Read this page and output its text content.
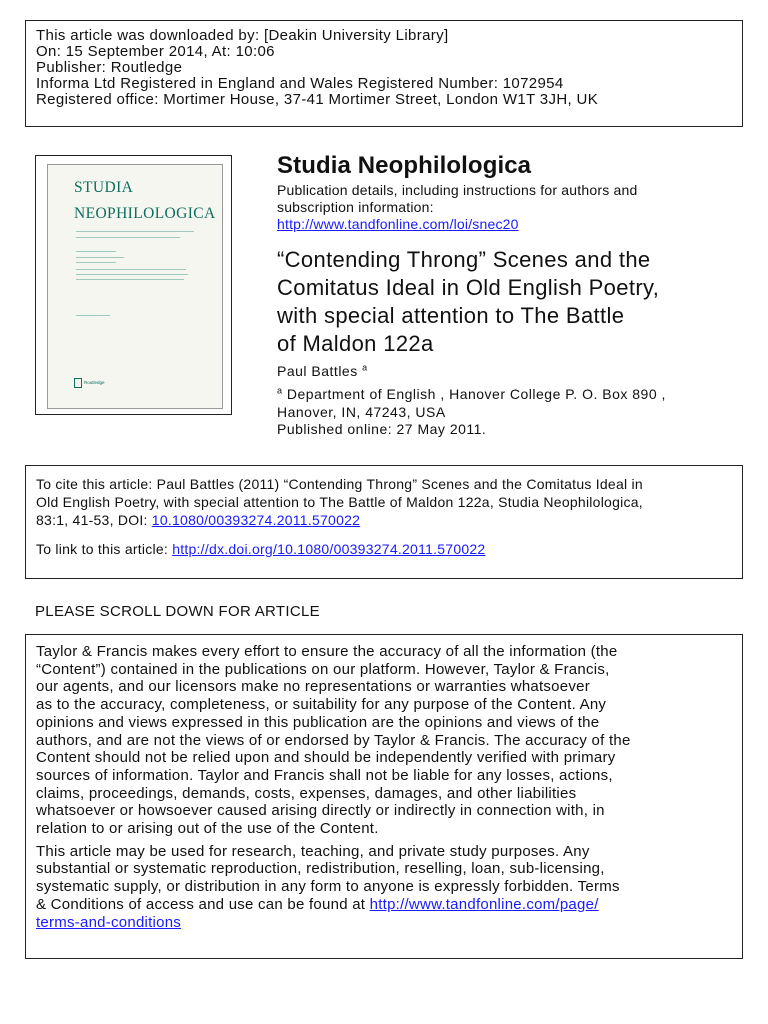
This article was downloaded by: [Deakin University Library]
On: 15 September 2014, At: 10:06
Publisher: Routledge
Informa Ltd Registered in England and Wales Registered Number: 1072954
Registered office: Mortimer House, 37-41 Mortimer Street, London W1T 3JH, UK
STUDIA
NEOPHILOLOGICA
Routledge
Studia Neophilologica
Publication details, including instructions for authors and
subscription information:
http://www.tandfonline.com/loi/snec20
“Contending Throng” Scenes and the
Comitatus Ideal in Old English Poetry,
with special attention to The Battle
of Maldon 122a
Paul Battles $^a$
$^a$ Department of English , Hanover College P. O. Box 890 ,
Hanover, IN, 47243, USA
Published online: 27 May 2011.
To cite this article: Paul Battles (2011) “Contending Throng” Scenes and the Comitatus Ideal in
Old English Poetry, with special attention to The Battle of Maldon 122a, Studia Neophilologica,
83:1, 41-53, DOI: 10.1080/00393274.2011.570022
To link to this article: http://dx.doi.org/10.1080/00393274.2011.570022
PLEASE SCROLL DOWN FOR ARTICLE
Taylor & Francis makes every effort to ensure the accuracy of all the information (the
“Content”) contained in the publications on our platform. However, Taylor & Francis,
our agents, and our licensors make no representations or warranties whatsoever
as to the accuracy, completeness, or suitability for any purpose of the Content. Any
opinions and views expressed in this publication are the opinions and views of the
authors, and are not the views of or endorsed by Taylor & Francis. The accuracy of the
Content should not be relied upon and should be independently verified with primary
sources of information. Taylor and Francis shall not be liable for any losses, actions,
claims, proceedings, demands, costs, expenses, damages, and other liabilities
whatsoever or howsoever caused arising directly or indirectly in connection with, in
relation to or arising out of the use of the Content.
This article may be used for research, teaching, and private study purposes. Any
substantial or systematic reproduction, redistribution, reselling, loan, sub-licensing,
systematic supply, or distribution in any form to anyone is expressly forbidden. Terms
& Conditions of access and use can be found at http://www.tandfonline.com/page/
terms-and-conditions
